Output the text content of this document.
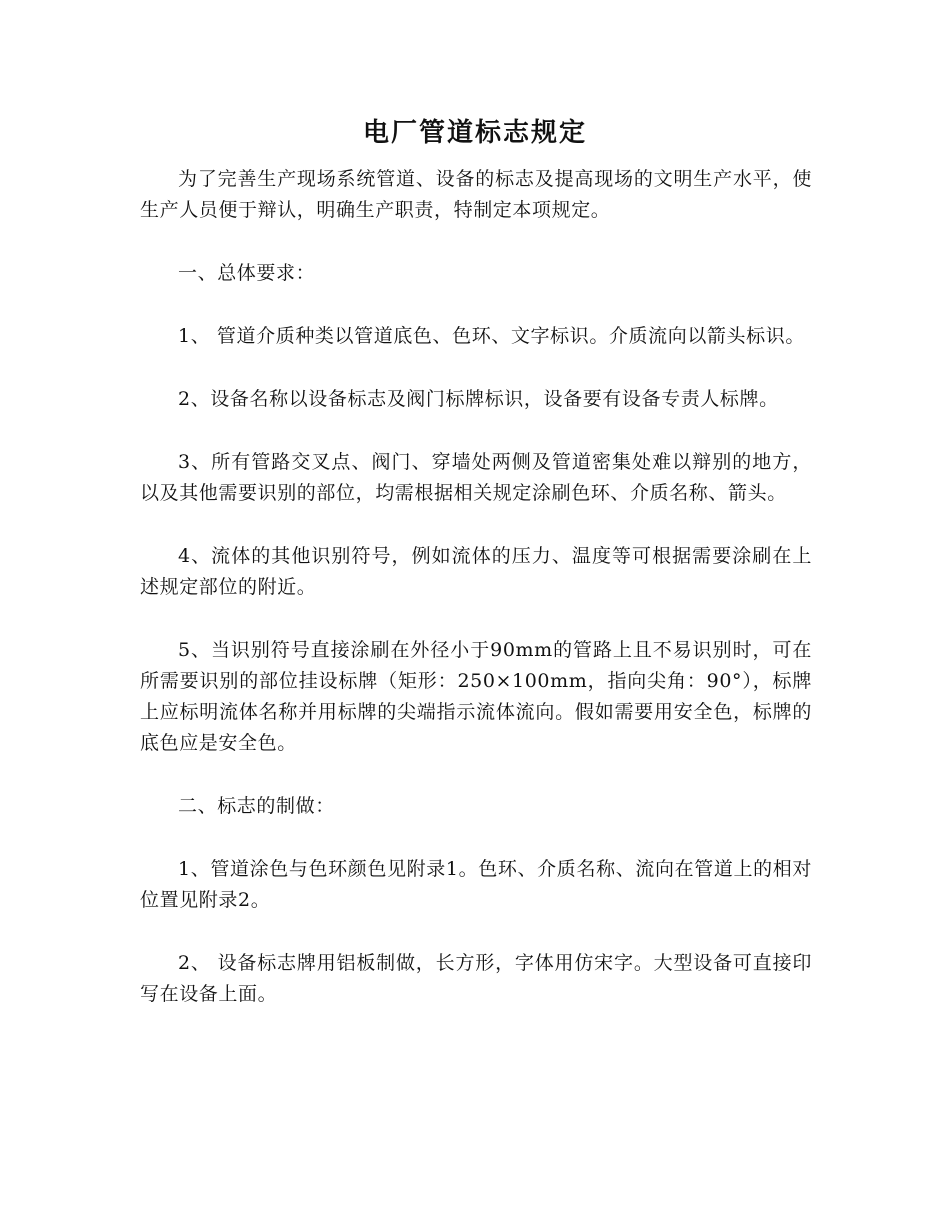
电厂管道标志规定

为了完善生产现场系统管道、设备的标志及提高现场的文明生产水平，使生产人员便于辩认，明确生产职责，特制定本项规定。

一、总体要求：

1、 管道介质种类以管道底色、色环、文字标识。介质流向以箭头标识。

2、设备名称以设备标志及阀门标牌标识，设备要有设备专责人标牌。

3、所有管路交叉点、阀门、穿墙处两侧及管道密集处难以辩别的地方，以及其他需要识别的部位，均需根据相关规定涂刷色环、介质名称、箭头。

4、流体的其他识别符号，例如流体的压力、温度等可根据需要涂刷在上述规定部位的附近。

5、当识别符号直接涂刷在外径小于90mm的管路上且不易识别时，可在所需要识别的部位挂设标牌（矩形：250×100mm，指向尖角：90°），标牌上应标明流体名称并用标牌的尖端指示流体流向。假如需要用安全色，标牌的底色应是安全色。

二、标志的制做：

1、管道涂色与色环颜色见附录1。色环、介质名称、流向在管道上的相对位置见附录2。

2、 设备标志牌用铝板制做，长方形，字体用仿宋字。大型设备可直接印写在设备上面。
